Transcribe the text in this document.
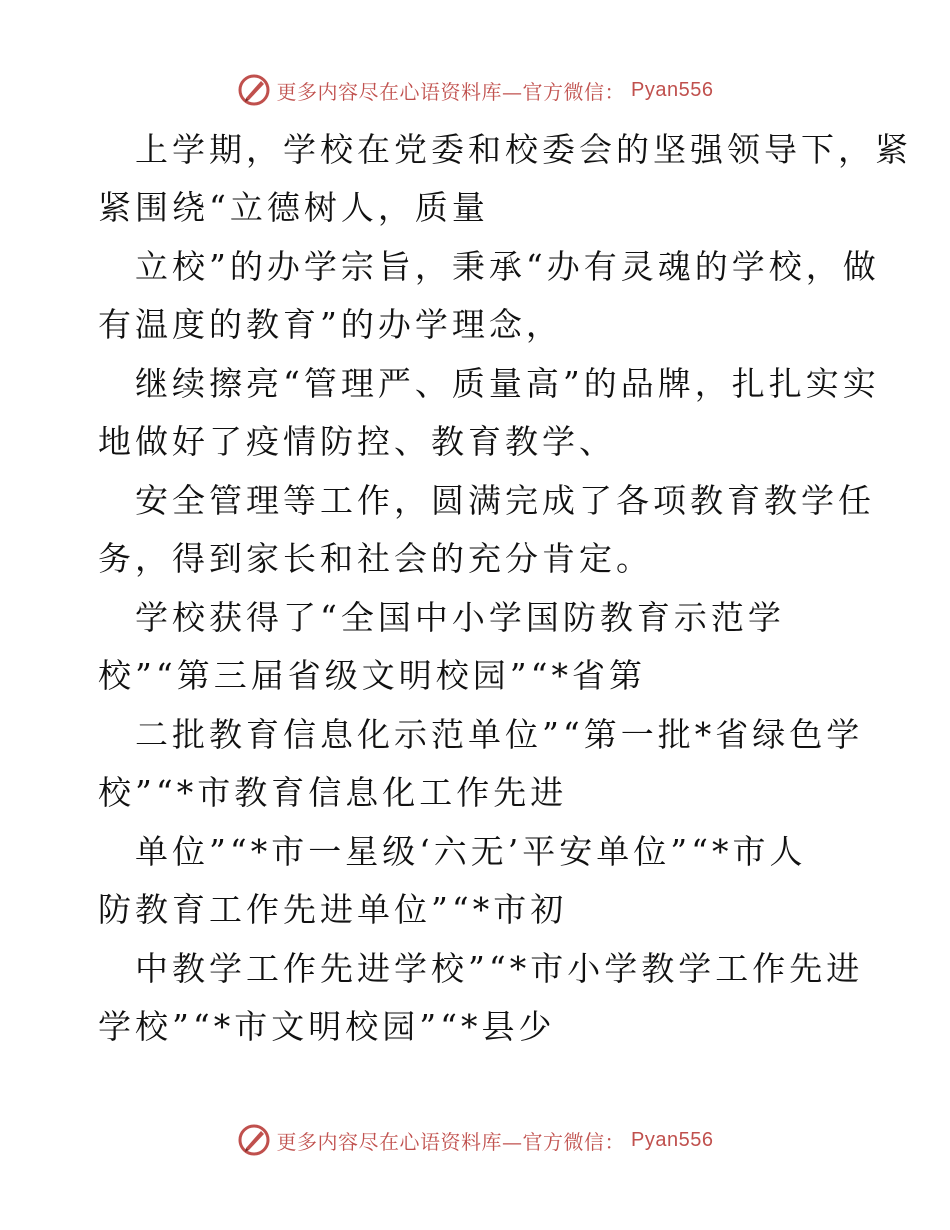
更多内容尽在心语资料库—官方微信： Pyan556
上学期，学校在党委和校委会的坚强领导下，紧
紧围绕“立德树人，质量
立校”的办学宗旨，秉承“办有灵魂的学校，做
有温度的教育”的办学理念，
继续擦亮“管理严、质量高”的品牌，扎扎实实
地做好了疫情防控、教育教学、
安全管理等工作，圆满完成了各项教育教学任
务，得到家长和社会的充分肯定。
学校获得了“全国中小学国防教育示范学
校”“第三届省级文明校园”“*省第
二批教育信息化示范单位”“第一批*省绿色学
校”“*市教育信息化工作先进
单位”“*市一星级‘六无’平安单位”“*市人
防教育工作先进单位”“*市初
中教学工作先进学校”“*市小学教学工作先进
学校”“*市文明校园”“*县少
更多内容尽在心语资料库—官方微信： Pyan556
